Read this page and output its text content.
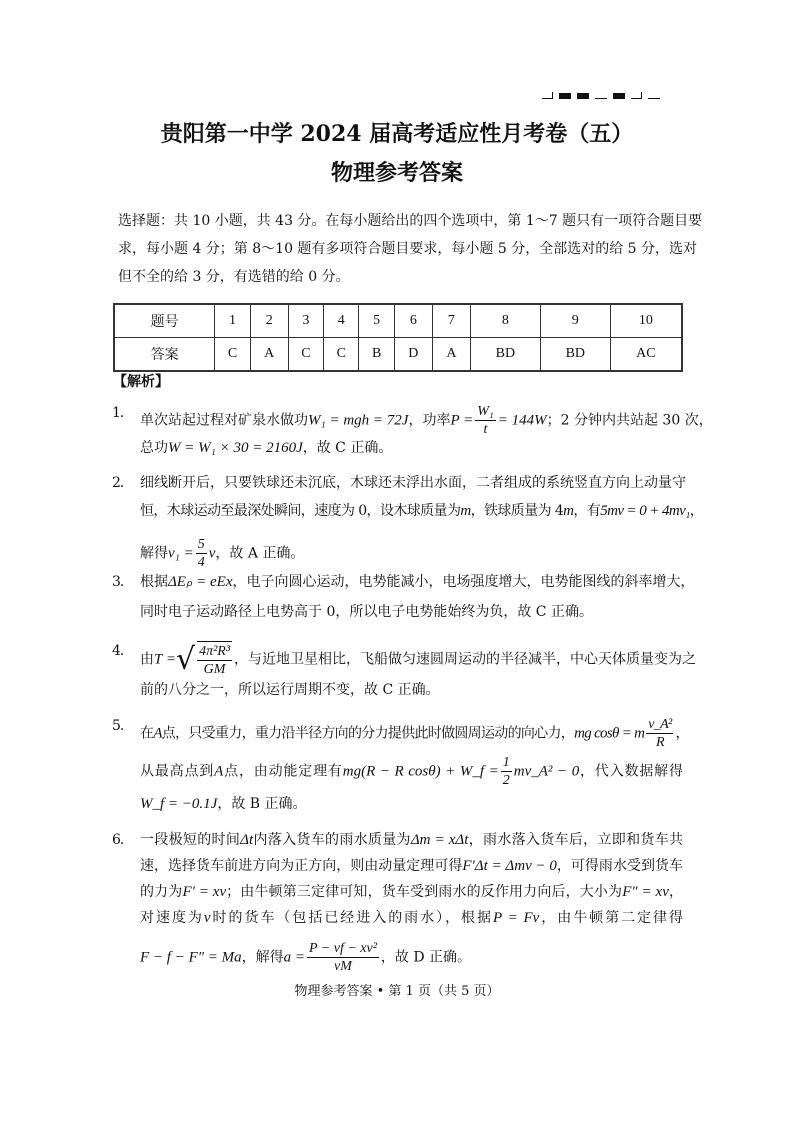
贵阳第一中学 2024 届高考适应性月考卷（五）
物理参考答案
选择题：共 10 小题，共 43 分。在每小题给出的四个选项中，第 1～7 题只有一项符合题目要
求，每小题 4 分；第 8～10 题有多项符合题目要求，每小题 5 分，全部选对的给 5 分，选对
但不全的给 3 分，有选错的给 0 分。
题号	1	2	3	4	5	6	7	8	9	10
答案	C	A	C	C	B	D	A	BD	BD	AC
【解析】
1． 单次站起过程对矿泉水做功W₁ = mgh = 72J，功率$P = \frac{\text{W₁}}{t} = 144W$；2 分钟内共站起 30 次，
总功W = W₁ × 30 = 2160J，故 C 正确。
2． 细线断开后，只要铁球还未沉底，木球还未浮出水面，二者组成的系统竖直方向上动量守
恒，木球运动至最深处瞬间，速度为 0，设木球质量为m，铁球质量为 4m，有5mv = 0 + 4mv₁，
解得$v_1 = \frac{5}{4}$ v，故 A 正确。
3． 根据ΔEₚ = eEx，电子向圆心运动，电势能减小，电场强度增大，电势能图线的斜率增大，
同时电子运动路径上电势高于 0，所以电子电势能始终为负，故 C 正确。
4．
由T = √ $\frac{\text{4π²R³}}{GM}$ ，与近地卫星相比，飞船做匀速圆周运动的半径减半，中心天体质量变为之
前的八分之一，所以运行周期不变，故 C 正确。
5. 在A点，只受重力，重力沿半径方向的分力提供此时做圆周运动的向心力，mg cosθ = m $\frac{\text{v\_A²}}{R}$ ，
从最高点到A点，由动能定理有mg(R − R cosθ) + W_f = $\frac{1}{2}$ mv_A² − 0，代入数据解得
W_f = −0.1J，故 B 正确。
6． 一段极短的时间Δt内落入货车的雨水质量为Δm = xΔt，雨水落入货车后，立即和货车共
速，选择货车前进方向为正方向，则由动量定理可得F′Δt = Δmv − 0，可得雨水受到货车
的力为F′ = xv；由牛顿第三定律可知，货车受到雨水的反作用力向后，大小为F″ = xv，
对速度为v时的货车（包括已经进入的雨水），根据P = Fv，由牛顿第二定律得
F − f − F″ = Ma，解得$a = \frac{\text{P − vf − xv²}}{vM}$ ，故 D 正确。
物理参考答案 • 第 1 页（共 5 页）
